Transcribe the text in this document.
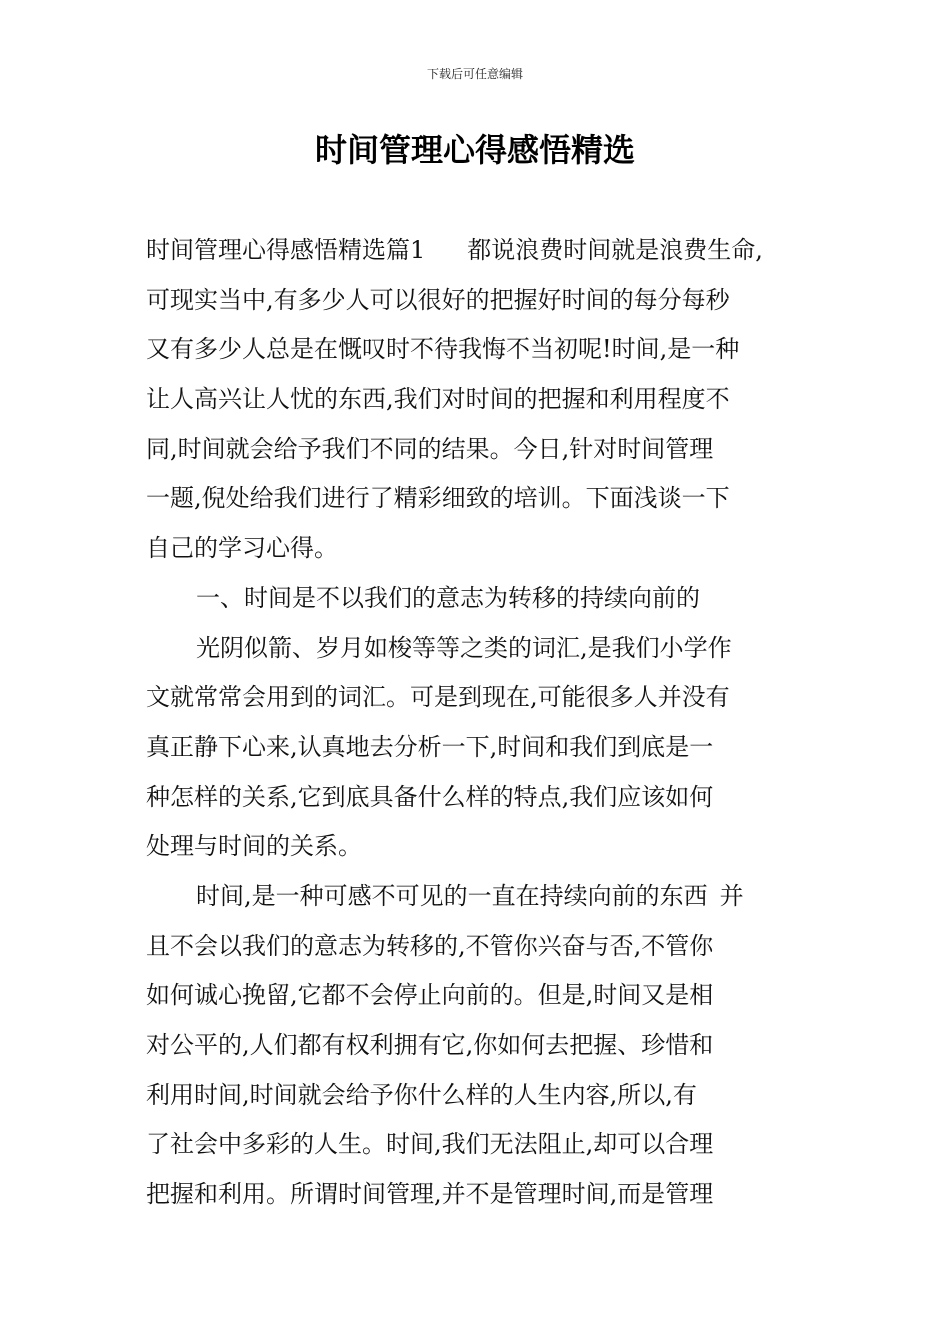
下载后可任意编辑
时间管理心得感悟精选
时间管理心得感悟精选篇1 都说浪费时间就是浪费生命,
可现实当中,有多少人可以很好的把握好时间的每分每秒
又有多少人总是在慨叹时不待我悔不当初呢!时间,是一种
让人高兴让人忧的东西,我们对时间的把握和利用程度不
同,时间就会给予我们不同的结果。今日,针对时间管理
一题,倪处给我们进行了精彩细致的培训。下面浅谈一下
自己的学习心得。
一、时间是不以我们的意志为转移的持续向前的
光阴似箭、岁月如梭等等之类的词汇,是我们小学作
文就常常会用到的词汇。可是到现在,可能很多人并没有
真正静下心来,认真地去分析一下,时间和我们到底是一
种怎样的关系,它到底具备什么样的特点,我们应该如何
处理与时间的关系。
时间,是一种可感不可见的一直在持续向前的东西 并
且不会以我们的意志为转移的,不管你兴奋与否,不管你
如何诚心挽留,它都不会停止向前的。但是,时间又是相
对公平的,人们都有权利拥有它,你如何去把握、珍惜和
利用时间,时间就会给予你什么样的人生内容,所以,有
了社会中多彩的人生。时间,我们无法阻止,却可以合理
把握和利用。所谓时间管理,并不是管理时间,而是管理
